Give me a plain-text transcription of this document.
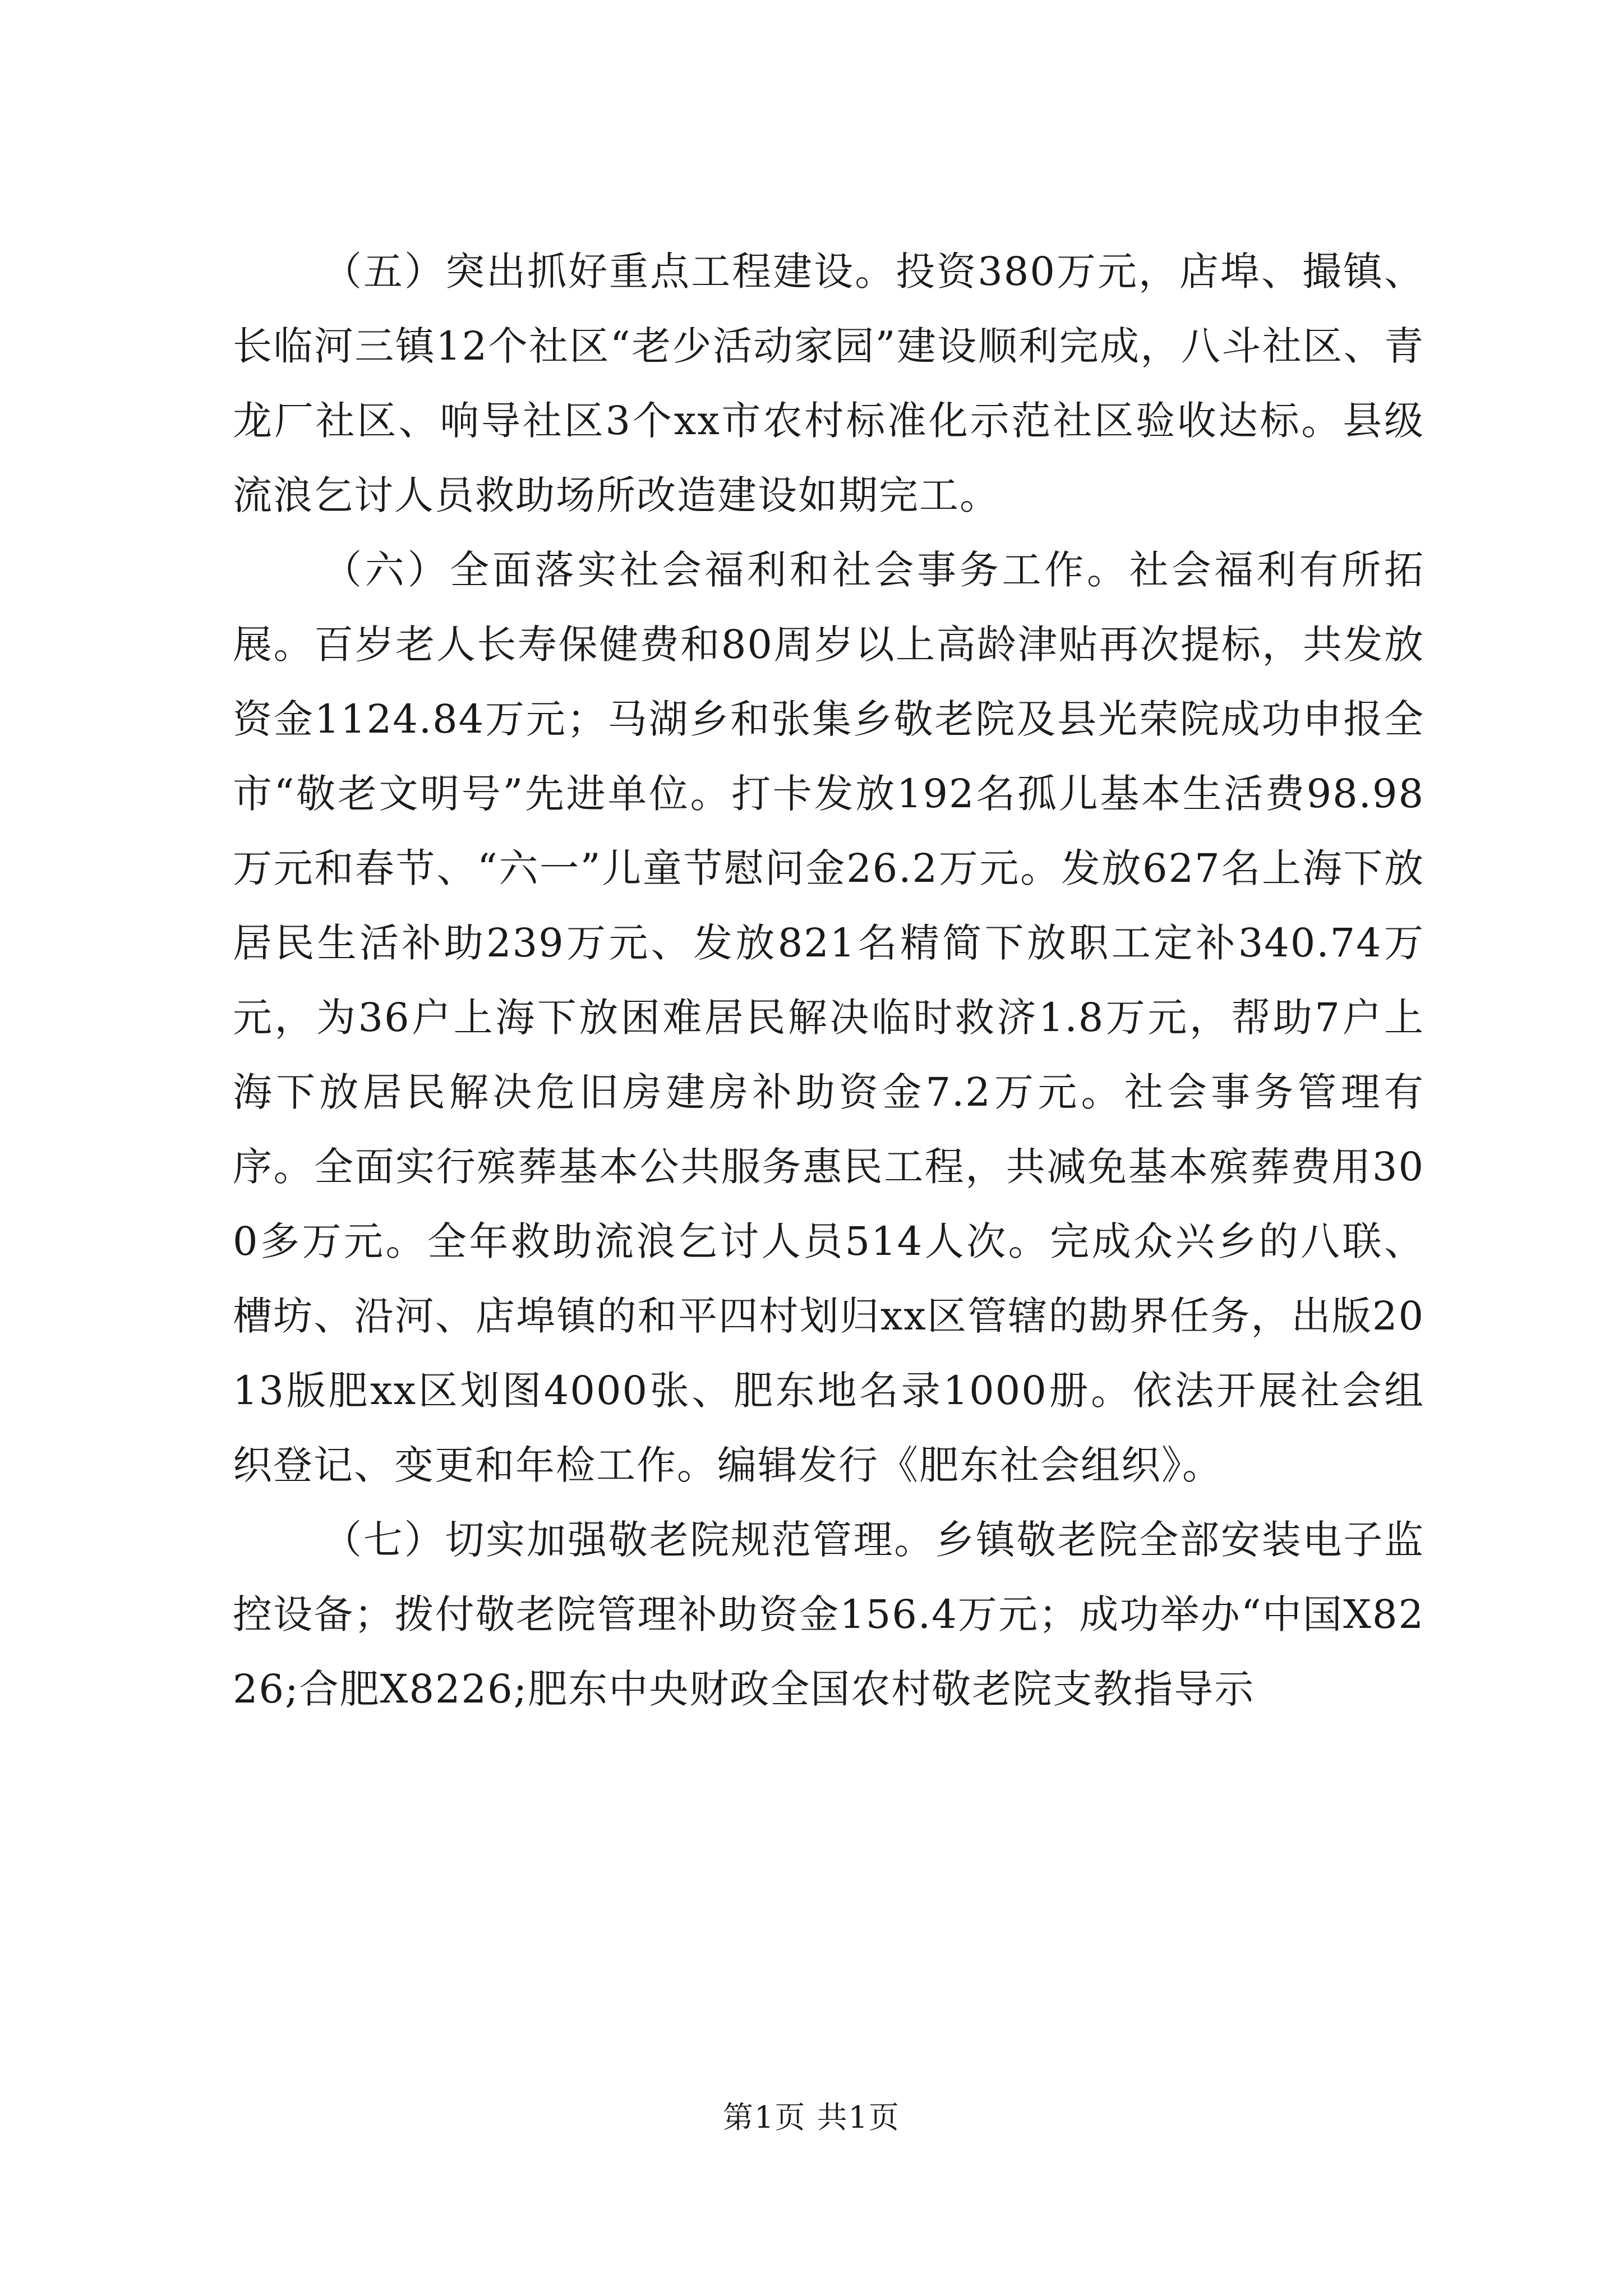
（五）突出抓好重点工程建设。投资380万元，店埠、撮镇、长临河三镇12个社区“老少活动家园”建设顺利完成，八斗社区、青龙厂社区、响导社区3个xx市农村标准化示范社区验收达标。县级流浪乞讨人员救助场所改造建设如期完工。

（六）全面落实社会福利和社会事务工作。社会福利有所拓展。百岁老人长寿保健费和80周岁以上高龄津贴再次提标，共发放资金1124.84万元；马湖乡和张集乡敬老院及县光荣院成功申报全市“敬老文明号”先进单位。打卡发放192名孤儿基本生活费98.98万元和春节、“六一”儿童节慰问金26.2万元。发放627名上海下放居民生活补助239万元、发放821名精简下放职工定补340.74万元，为36户上海下放困难居民解决临时救济1.8万元，帮助7户上海下放居民解决危旧房建房补助资金7.2万元。社会事务管理有序。全面实行殡葬基本公共服务惠民工程，共减免基本殡葬费用300多万元。全年救助流浪乞讨人员514人次。完成众兴乡的八联、槽坊、沿河、店埠镇的和平四村划归xx区管辖的勘界任务，出版2013版肥xx区划图4000张、肥东地名录1000册。依法开展社会组织登记、变更和年检工作。编辑发行《肥东社会组织》。

（七）切实加强敬老院规范管理。乡镇敬老院全部安装电子监控设备；拨付敬老院管理补助资金156.4万元；成功举办“中国X8226;合肥X8226;肥东中央财政全国农村敬老院支教指导示

第1页 共1页
